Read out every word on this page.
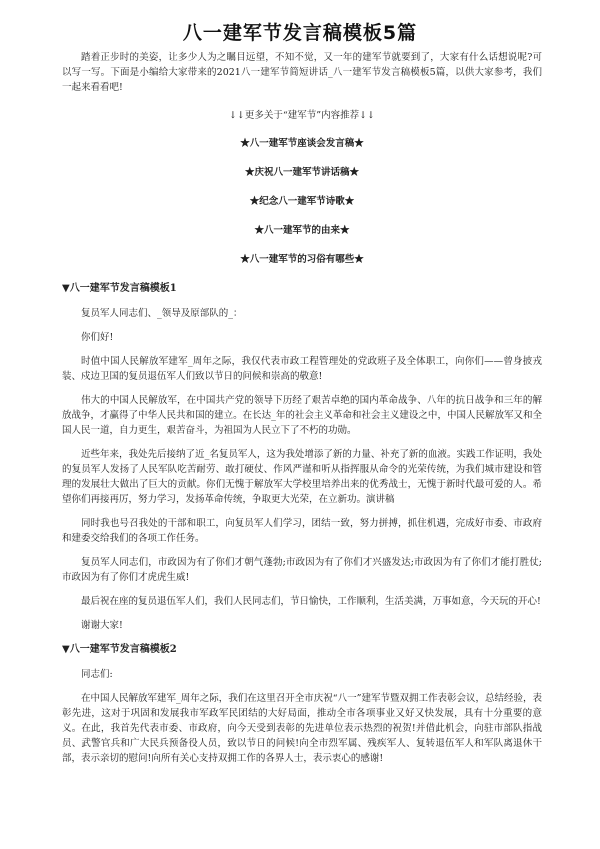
八一建军节发言稿模板5篇

踏着正步时的美姿，让多少人为之瞩目远望，不知不觉，又一年的建军节就要到了，大家有什么话想说呢?可以写一写。下面是小编给大家带来的2021八一建军节简短讲话_八一建军节发言稿模板5篇，以供大家参考，我们一起来看看吧!

↓↓更多关于“建军节”内容推荐↓↓

★八一建军节座谈会发言稿★

★庆祝八一建军节讲话稿★

★纪念八一建军节诗歌★

★八一建军节的由来★

★八一建军节的习俗有哪些★

▼八一建军节发言稿模板1

复员军人同志们、_领导及原部队的_：

你们好!

时值中国人民解放军建军_周年之际，我仅代表市政工程管理处的党政班子及全体职工，向你们——曾身披戎装、戍边卫国的复员退伍军人们致以节日的问候和崇高的敬意!

伟大的中国人民解放军，在中国共产党的领导下历经了艰苦卓绝的国内革命战争、八年的抗日战争和三年的解放战争，才赢得了中华人民共和国的建立。在长达_年的社会主义革命和社会主义建设之中，中国人民解放军又和全国人民一道，自力更生，艰苦奋斗，为祖国为人民立下了不朽的功勋。

近些年来，我处先后接纳了近_名复员军人，这为我处增添了新的力量、补充了新的血液。实践工作证明，我处的复员军人发扬了人民军队吃苦耐劳、敢打硬仗、作风严谨和听从指挥服从命令的光荣传统，为我们城市建设和管理的发展壮大做出了巨大的贡献。你们无愧于解放军大学校里培养出来的优秀战士，无愧于新时代最可爱的人。希望你们再接再厉，努力学习，发扬革命传统，争取更大光荣，在立新功。演讲稿

同时我也号召我处的干部和职工，向复员军人们学习，团结一致，努力拼搏，抓住机遇，完成好市委、市政府和建委交给我们的各项工作任务。

复员军人同志们，市政因为有了你们才朝气蓬勃;市政因为有了你们才兴盛发达;市政因为有了你们才能打胜仗;市政因为有了你们才虎虎生威!

最后祝在座的复员退伍军人们，我们人民同志们，节日愉快，工作顺利，生活美满，万事如意，今天玩的开心!

谢谢大家!

▼八一建军节发言稿模板2

同志们:

在中国人民解放军建军_周年之际，我们在这里召开全市庆祝“八一”建军节暨双拥工作表彰会议，总结经验，表彰先进，这对于巩固和发展我市军政军民团结的大好局面，推动全市各项事业又好又快发展，具有十分重要的意义。在此，我首先代表市委、市政府，向今天受到表彰的先进单位表示热烈的祝贺!并借此机会，向驻市部队指战员、武警官兵和广大民兵预备役人员，致以节日的问候!向全市烈军属、残疾军人、复转退伍军人和军队离退休干部，表示亲切的慰问!向所有关心支持双拥工作的各界人士，表示衷心的感谢!
